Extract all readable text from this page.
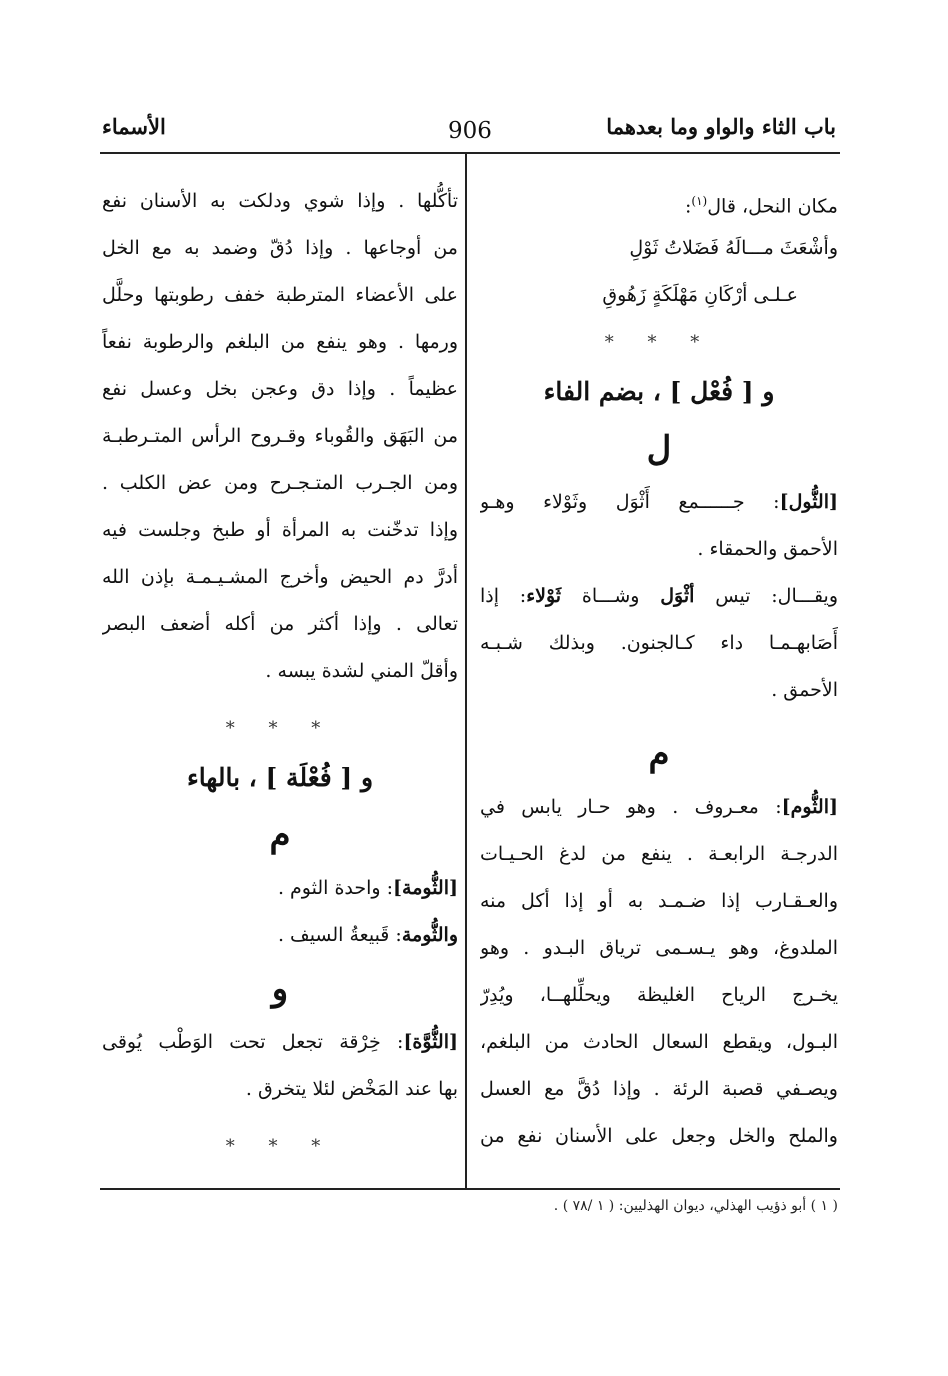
باب الثاء والواو وما بعدهما
906
الأسماء
مكان النحل، قال$^{(١)}$:
وأشْعَثَ مـــالَهُ فَضَلاتُ ثَوْلِ
عـلـى أرْكَانِ مَهْلَكَةٍ زَهُوقِ
* * *
و [ فُعْل ] ، بضم الفاء
ل
[الثُّول]: جــــــمع أَثْوَل وثَوْلاء وهـو
الأحمق والحمقاء .
ويقـــال: تيس أثْوَل وشـــاة ثَوْلاء: إذا
أَصَابهـمـا داء كـالجنون. وبذلك شـبـه
الأحمق .
م
[الثُّوم]: معـروف . وهو حـار يابس في
الدرجـة الرابعـة . ينفع من لدغ الحـيـات
والعـقـارب إذا ضـمـد به أو إذا أكل منه
الملدوغ، وهو يـسـمى ترياق البـدو . وهو
يخـرج الرياح الغليظة ويحلِّلهــا، ويُدِرّ
البـول، ويقطع السعال الحادث من البلغم،
ويصـفي قصبة الرئة . وإذا دُقَّ مع العسل
والملح والخل وجعل على الأسنان نفع من
تأكُّلها . وإذا شوي ودلكت به الأسنان نفع
من أوجاعها . وإذا دُقّ وضمد به مع الخل
على الأعضاء المترطبة خفف رطوبتها وحلَّل
ورمها . وهو ينفع من البلغم والرطوبة نفعاً
عظيماً . وإذا دق وعجن بخل وعسل نفع
من البَهَق والقُوباء وقـروح الرأس المتـرطبـة
ومن الجـرب المتـجـرح ومن عض الكلب .
وإذا تدخّنت به المرأة أو طبخ وجلست فيه
أدرَّ دم الحيض وأخرج المشـيـمـة بإذن الله
تعالى . وإذا أكثر من أكله أضعف البصر
وأقلّ المني لشدة يبسه .
* * *
و [ فُعْلَة ] ، بالهاء
م
[الثُّومة]: واحدة الثوم .
والثُّومة: قَبيعةُ السيف .
و
[الثُّوَّة]: خِرْقة تجعل تحت الوَطْب يُوقى
بها عند المَخْض لئلا يتخرق .
* * *
( ١ ) أبو ذؤيب الهذلي، ديوان الهذليين: ( ١ /٧٨ ) .
